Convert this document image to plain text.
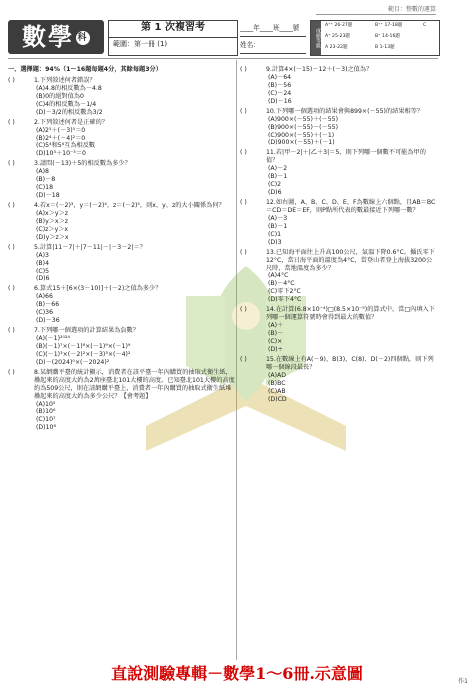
範目：整數的運算
數學 科
第 1 次複習考
範圍：第一冊 (1)
____年____班____號
姓名：	成績等級
A⁺⁺ 26-27題	B⁺⁺ 17-18題	C
A⁺ 25-23題	B⁺ 14-16題
A 23-22題	B 1-13題
一、選擇題：94%（1～16題每題4分，其餘每題3分）
( )	1.下列敘述何者錯誤？
(A)4.8的相反數為－4.8
(B)0的絕對值為0
(C)4的相反數為－1/4
(D)－3/2的相反數為3/2
( )	2.下列敘述何者是正確的？
(A)2⁵＋(－3)⁵＝0
(B)2⁴＋(－4)²＝0
(C)5⁴和5⁶互為相反數
(D)10³＋10⁻³＝0
( )	3.請問(－13)＋5的相反數為多少？
(A)8
(B)－8
(C)18
(D)－18
( )	4.若x＝(－2)³，y＝(－2)⁴，z＝(－2)⁵，則x、y、z的大小關係為何？
(A)x＞y＞z
(B)y＞x＞z
(C)z＞y＞x
(D)y＞z＞x
( )	5.計算|11－7|＋|7－11|－|－3－2|＝？
(A)3
(B)4
(C)5
(D)6
( )	6.算式15＋[6×(3－10)]＋(－2)之值為多少？
(A)66
(B)－66
(C)36
(D)－36
( )	7.下列哪一個選項的計算結果為負數？
(A)(－1)²⁰²⁴
(B)(－1)⁷×(－1)⁸×(－1)⁹×(－1)⁹
(C)(－1)³×(－2)²×(－3)³×(－4)²
(D)－(2024)⁰×(－2024)²
( )	8.某網購平臺的統計顯示，消費者在該平臺一年內購買的抽取式衛生紙，疊起來的高度大約為2萬座臺北101大樓的高度。已知臺北101大樓的高度約為509公尺，則在該網購平臺上，消費者一年內購買的抽取式衛生紙堆疊起來的高度大約為多少公尺？【會考題】
(A)10⁵
(B)10⁶
(C)10⁷
(D)10⁸
( )	9.計算4×(－15)－12＋(－3)之值為？
(A)－64
(B)－56
(C)－24
(D)－16
( )	10.下列哪一個選項的結果會與899×(－55)的結果相等？
(A)900×(－55)＋(－55)
(B)900×(－55)－(－55)
(C)900×(－55)＋(－1)
(D)900×(－55)＋(－1)
( )	11.若|甲－2|＋|乙＋3|＝5，則下列哪一個數不可能為甲的值？
(A)－2
(B)－1
(C)2
(D)6
( )	12.如右圖，A、B、C、D、E、F為數線上六個點，且AB＝BC＝CD＝DE＝EF，則P點所代表的數最接近下列哪一數？
(A)－3
(B)－1
(C)1
(D)3
( )	13.已知海平面往上升高100公尺，氣溫下降0.6°C。攝氏零下12°C，當日海平面的溫度為4°C，當登山者登上海拔3200公尺時，當地溫度為多少？
(A)4°C
(B)－4°C
(C)零下2°C
(D)零下4°C
( )	14.在計算(6.8×10⁻⁴)□(8.5×10⁻⁵)的算式中，當□內填入下列哪一個運算符號時會得到最大的數值？
(A)＋
(B)－
(C)×
(D)÷
( )	15.在數線上有A(－9)、B(3)、C(8)、D(－2)四個點，則下列哪一個線段最長？
(A)AD
(B)BC
(C)AB
(D)CD
直說測驗專輯－數學1～6冊.示意圖	作1
